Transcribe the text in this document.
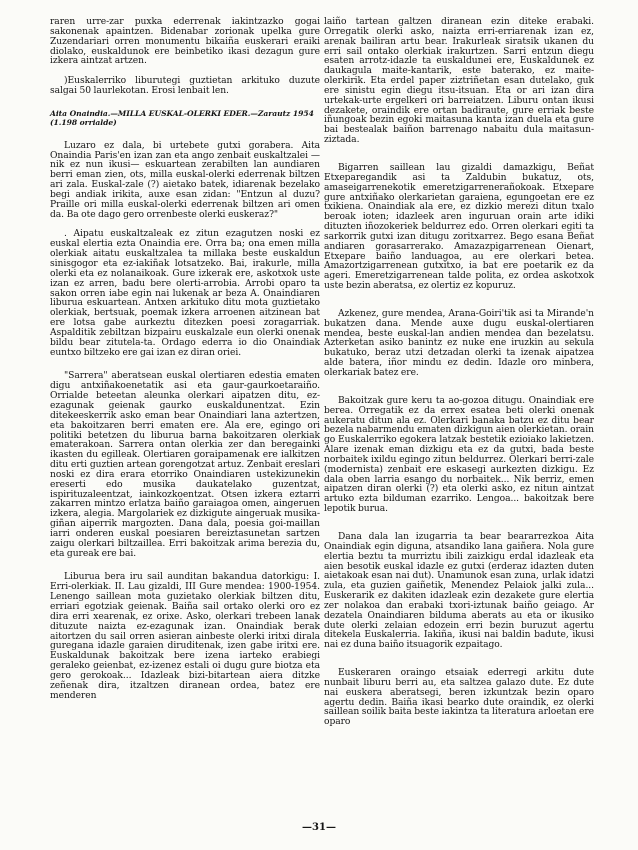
raren urre-zar puxka ederrenak iakintzazko gogai sakonenak apaintzen. Bidenabar zorionak upelka gure Zuzendariari orren monumentu bikaiña euskerari eraiki diolako, euskaldunok ere beinbetiko ikasi dezagun gure izkera aintzat artzen.

)Euskalerriko liburutegi guztietan arkituko duzute salgai 50 laurlekotan. Erosi lenbait len.

Aita Onaindia.—MILLA EUSKAL-OLERKI EDER.—Zarautz 1954 (1.198 orrialde)

Luzaro ez dala, bi urtebete gutxi gorabera. Aita Onaindia Paris'en izan zan eta ango zenbait euskaltzalei —nik ez nun ikusi— eskuartean zerabilten lan aundiaren berri eman zien, ots, milla euskal-olerki ederrenak biltzen ari zala. Euskal-zale (?) aietako batek, idiarenak bezelako begi andiak irikita, auxe esan zidan: "Entzun al duzu? Praille ori milla euskal-olerki ederrenak biltzen ari omen da. Ba ote dago gero orrenbeste olerki euskeraz?"

. Aipatu euskaltzaleak ez zitun ezagutzen noski ez euskal elertia ezta Onaindia ere. Orra ba; ona emen milla olerkiak aitatu euskaltzalea ta millaka beste euskaldun sinisgogor eta ez-iakiñak lotsatzeko. Bai, irakurle, milla olerki eta ez nolanaikoak. Gure izkerak ere, askotxok uste izan ez arren, badu bere olerti-arrobia. Arrobi oparo ta sakon orren iabe egin nai lukenak ar beza A. Onaindiaren liburua eskuartean. Antxen arkituko ditu mota guztietako olerkiak, bertsuak, poemak izkera arroenen aitzinean bat ere lotsa gabe aurkeztu ditezken poesi zoragarriak. Aspalditik zebiltzan bizpairu euskalzale eun olerki onenak bildu bear zitutela-ta. Ordago ederra io dio Onaindiak euntxo biltzeko ere gai izan ez diran oriei.

"Sarrera" aberatsean euskal olertiaren edestia ematen digu antxiñakoenetatik asi eta gaur-gaurkoetaraiño. Orrialde beteetan aleunka olerkari aipatzen ditu, ez-ezagunak geienak gaurko euskaldunentzat. Ezin ditekeeskerrik asko eman bear Onaindiari lana aztertzen, eta bakoitzaren berri ematen ere. Ala ere, egingo ori politiki betetzen du liburua barna bakoitzaren olerkiak ematerakoan. Sarrera ontan olerkia zer dan beregainki ikasten du egilleak. Olertiaren goraipamenak ere ialkitzen ditu erti guztien artean gorengotzat artuz. Zenbait ereslari noski ez dira erara etorriko Onaindiaren ustekizunekin ereserti edo musika daukatelako guzentzat, ispirituzaleentzat, iainkozkoentzat. Otsen izkera eztarri zakarren mintzo erlatza baiño garaiagoa omen, aingeruen izkera, alegia. Margolariek ez dizkigute aingeruak musika-giñan aiperrik margozten. Dana dala, poesia goi-maillan iarri onderen euskal poesiaren bereiztasunetan sartzen zaigu olerkari biltzaillea. Erri bakoitzak arima berezia du, eta gureak ere bai.

Liburua bera iru sail aunditan bakandua datorkigu: I. Erri-olerkiak. II. Lau gizaldi, III Gure mendea: 1900-1954. Lenengo saillean mota guzietako olerkiak biltzen ditu, erriari egotziak geienak. Baiña sail ortako olerki oro ez dira erri xearenak, ez orixe. Asko, olerkari trebeen lanak dituzute naizta ez-ezagunak izan. Onaindiak berak aitortzen du sail orren asieran ainbeste olerki iritxi dirala guregana idazle garaien diruditenak, izen gabe iritxi ere. Euskaldunak bakoitzak bere izena iarteko erabiegi geraleko geienbat, ez-izenez estali oi dugu gure biotza eta gero gerokoak... Idazleak bizi-bitartean aiera ditzke zeñenak dira, itzaltzen diranean ordea, batez ere menderen

laiño tartean galtzen diranean ezin diteke erabaki. Orregatik olerki asko, naizta erri-erriarenak izan ez, arenak bailiran artu bear. Irakurleak siratsik ukanen du erri sail ontako olerkiak irakurtzen. Sarri entzun diegu esaten arrotz-idazle ta euskaldunei ere, Euskaldunek ez daukagula maite-kantarik, este baterako, ez maite-olerkirik. Eta erdel paper ziztriñetan esan dutelako, guk ere sinistu egin diegu itsu-itsuan. Eta or ari izan dira urtekak-urte ergelkeri ori barreiatzen. Liburu ontan ikusi dezakete, oraindik ere ortan badiraute, gure erriak beste iñungoak bezin egoki maitasuna kanta izan duela eta gure bai bestealak baiñon barrenago nabaitu dula maitasun-ziztada.

Bigarren saillean lau gizaldi damazkigu, Beñat Etxeparegandik asi ta Zaldubin bukatuz, ots, amaseigarrenekotik emeretzigarrenerañokoak. Etxepare gure antxiñako olerkarietan garaiena, egungoetan ere ez txikiena. Onaindiak ala ere, ez dizkio merezi ditun txalo beroak ioten; idazleek aren inguruan orain arte idiki dituzten iñozokeriek beldurrez edo. Orren olerkari egiti ta sarkorrik gutxi izan ditugu zoritxarrez. Bego esana Beñat andiaren gorasarrerako. Amazazpigarrenean Oienart, Etxepare baiño landuagoa, au ere olerkari betea. Amazortzigarrenean gutxitxo, ia bat ere poetarik ez da ageri. Emeretzigarrenean talde polita, ez ordea askotxok uste bezin aberatsa, ez olertiz ez kopuruz.

Azkenez, gure mendea, Arana-Goiri'tik asi ta Mirande'n bukatzen dana. Mende auxe dugu euskal-olertiaren mendea, beste euskal-lan andien mendea dan bezelatsu. Azterketan asiko banintz ez nuke ene iruzkin au sekula bukatuko, beraz utzi detzadan olerki ta izenak aipatzea alde batera, iñor mindu ez dedin. Idazle oro minbera, olerkariak batez ere.

Bakoitzak gure keru ta ao-gozoa ditugu. Onaindiak ere berea. Orregatik ez da errex esatea beti olerki onenak aukeratu ditun ala ez. Olerkari banaka batzu ez ditu bear bezela nabarmendu ematen dizkigun aien olerkietan. orain go Euskalerriko egokera latzak bestetik ezioiako lakietzen. Alare izenak eman dizkigu eta ez da gutxi, bada beste norbaitek ixildu egingo zitun beldurrez. Olerkari berri-zale (modernista) zenbait ere eskasegi aurkezten dizkigu. Ez dala oben larria esango du norbaitek... Nik berriz, emen aipatzen diran olerki (?) eta olerki asko, ez nitun aintzat artuko ezta bilduman ezarriko. Lengoa... bakoitzak bere lepotik burua.

Dana dala lan izugarria ta bear beararrezkoa Aita Onaindiak egin diguna, atsandiko lana gaiñera. Nola gure elertia beztu ta murriztu ibili zaizkigu erdal idazleak eta aien besotik euskal idazle ez gutxi (erderaz idazten duten aietakoak esan nai dut). Unamunok esan zuna, urlak idatzi zula, eta guzien gaiñetik, Menendez Pelaiok jalki zula... Euskerarik ez dakiten idazleak ezin dezakete gure elertia zer nolakoa dan erabaki txori-iztunak baiño geiago. Ar dezatela Onaindiaren bilduma aberats au eta or ikusiko dute olerki zelaian edozein erri bezin buruzut agertu ditekela Euskalerria. Iakiña, ikusi nai baldin badute, ikusi nai ez duna baiño itsuagorik ezpaitago.

Euskeraren oraingo etsaiak ederregi arkitu dute nunbait liburu berri au, eta saltzea galazo dute. Ez dute nai euskera aberatsegi, beren izkuntzak bezin oparo agertu dedin. Baiña ikasi bearko dute oraindik, ez olerki saillean soilik baita beste iakintza ta literatura arloetan ere oparo

—31—
